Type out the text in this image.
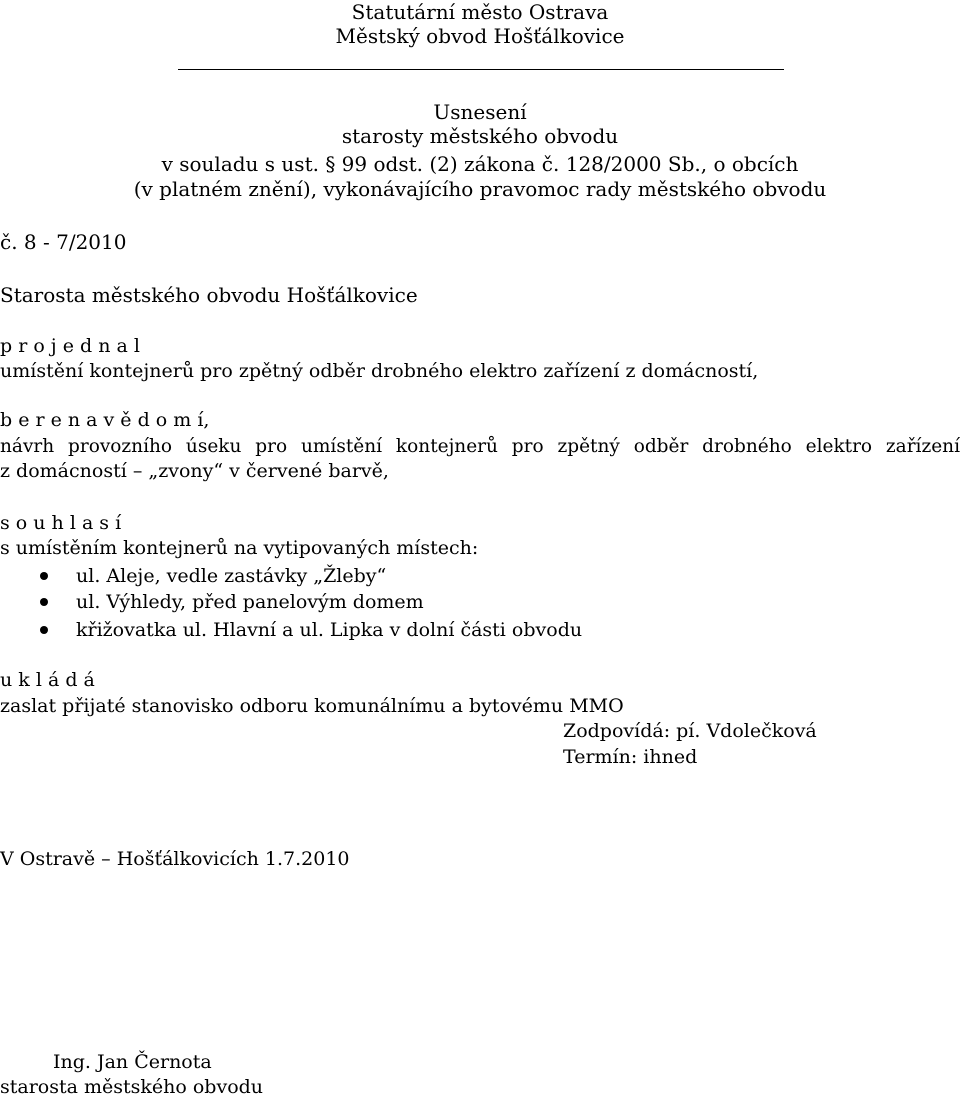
Statutární město Ostrava
Městský obvod Hošťálkovice
Usnesení
starosty městského obvodu
v souladu s ust. § 99 odst. (2) zákona č. 128/2000 Sb., o obcích
(v platném znění), vykonávajícího pravomoc rady městského obvodu
č. 8 - 7/2010
Starosta městského obvodu Hošťálkovice
p r o j e d n a l
umístění kontejnerů pro zpětný odběr drobného elektro zařízení z domácností,
b e r e n a v ě d o m í,
návrh provozního úseku pro umístění kontejnerů pro zpětný odběr drobného elektro zařízení
z domácností – „zvony“ v červené barvě,
s o u h l a s í
s umístěním kontejnerů na vytipovaných místech:
ul. Aleje, vedle zastávky „Žleby“
ul. Výhledy, před panelovým domem
křižovatka ul. Hlavní a ul. Lipka v dolní části obvodu
u k l á d á
zaslat přijaté stanovisko odboru komunálnímu a bytovému MMO
Zodpovídá: pí. Vdolečková
Termín: ihned
V Ostravě – Hošťálkovicích 1.7.2010
Ing. Jan Černota
starosta městského obvodu
